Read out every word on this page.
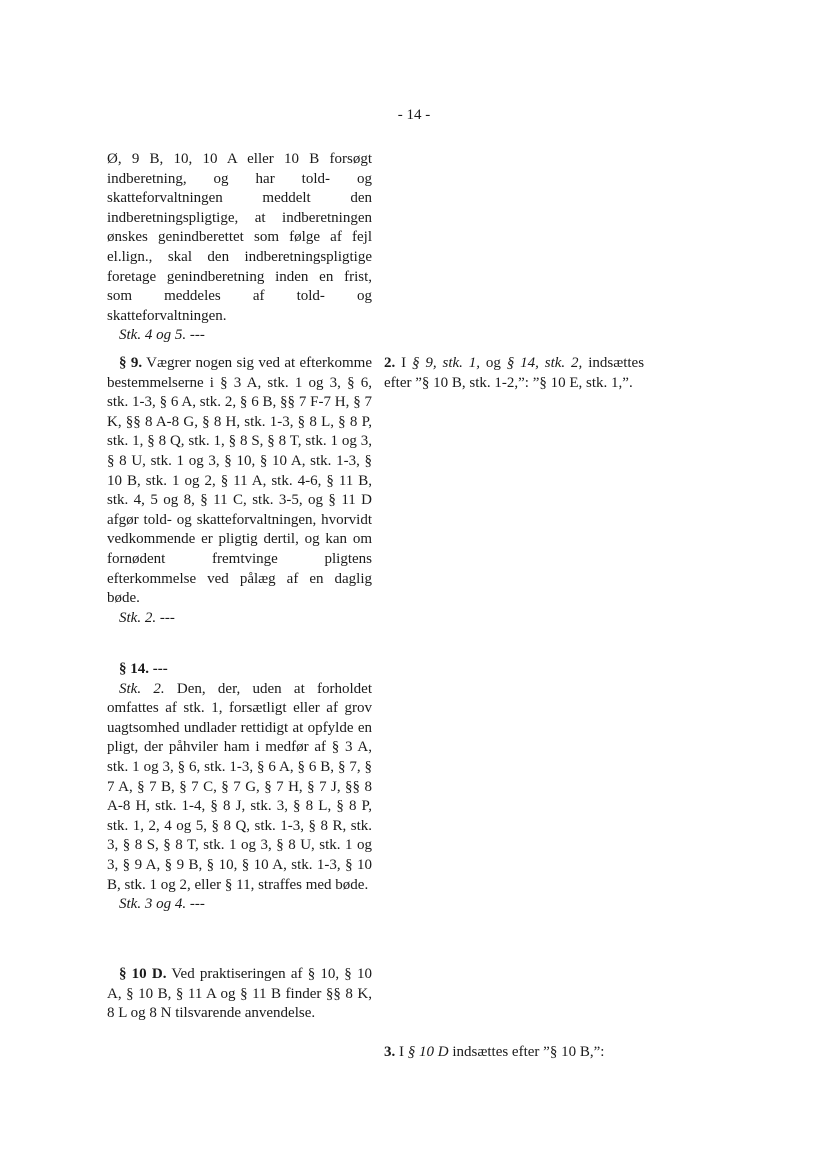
- 14 -

Ø, 9 B, 10, 10 A eller 10 B forsøgt indberetning, og har told- og skatteforvaltningen meddelt den indberetningspligtige, at indberetningen ønskes genindberettet som følge af fejl el.lign., skal den indberetningspligtige foretage genindberetning inden en frist, som meddeles af told- og skatteforvaltningen.

Stk. 4 og 5. ---

§ 9. Vægrer nogen sig ved at efterkomme bestemmelserne i § 3 A, stk. 1 og 3, § 6, stk. 1-3, § 6 A, stk. 2, § 6 B, §§ 7 F-7 H, § 7 K, §§ 8 A-8 G, § 8 H, stk. 1-3, § 8 L, § 8 P, stk. 1, § 8 Q, stk. 1, § 8 S, § 8 T, stk. 1 og 3, § 8 U, stk. 1 og 3, § 10, § 10 A, stk. 1-3, § 10 B, stk. 1 og 2, § 11 A, stk. 4-6, § 11 B, stk. 4, 5 og 8, § 11 C, stk. 3-5, og § 11 D afgør told- og skatteforvaltningen, hvorvidt vedkommende er pligtig dertil, og kan om fornødent fremtvinge pligtens efterkommelse ved pålæg af en daglig bøde.

Stk. 2. ---

§ 14. ---

Stk. 2. Den, der, uden at forholdet omfattes af stk. 1, forsætligt eller af grov uagtsomhed undlader rettidigt at opfylde en pligt, der påhviler ham i medfør af § 3 A, stk. 1 og 3, § 6, stk. 1-3, § 6 A, § 6 B, § 7, § 7 A, § 7 B, § 7 C, § 7 G, § 7 H, § 7 J, §§ 8 A-8 H, stk. 1-4, § 8 J, stk. 3, § 8 L, § 8 P, stk. 1, 2, 4 og 5, § 8 Q, stk. 1-3, § 8 R, stk. 3, § 8 S, § 8 T, stk. 1 og 3, § 8 U, stk. 1 og 3, § 9 A, § 9 B, § 10, § 10 A, stk. 1-3, § 10 B, stk. 1 og 2, eller § 11, straffes med bøde.

Stk. 3 og 4. ---

§ 10 D. Ved praktiseringen af § 10, § 10 A, § 10 B, § 11 A og § 11 B finder §§ 8 K, 8 L og 8 N tilsvarende anvendelse.

2. I § 9, stk. 1, og § 14, stk. 2, indsættes efter ”§ 10 B, stk. 1-2,”: ”§ 10 E, stk. 1,”.

3. I § 10 D indsættes efter ”§ 10 B,”:
